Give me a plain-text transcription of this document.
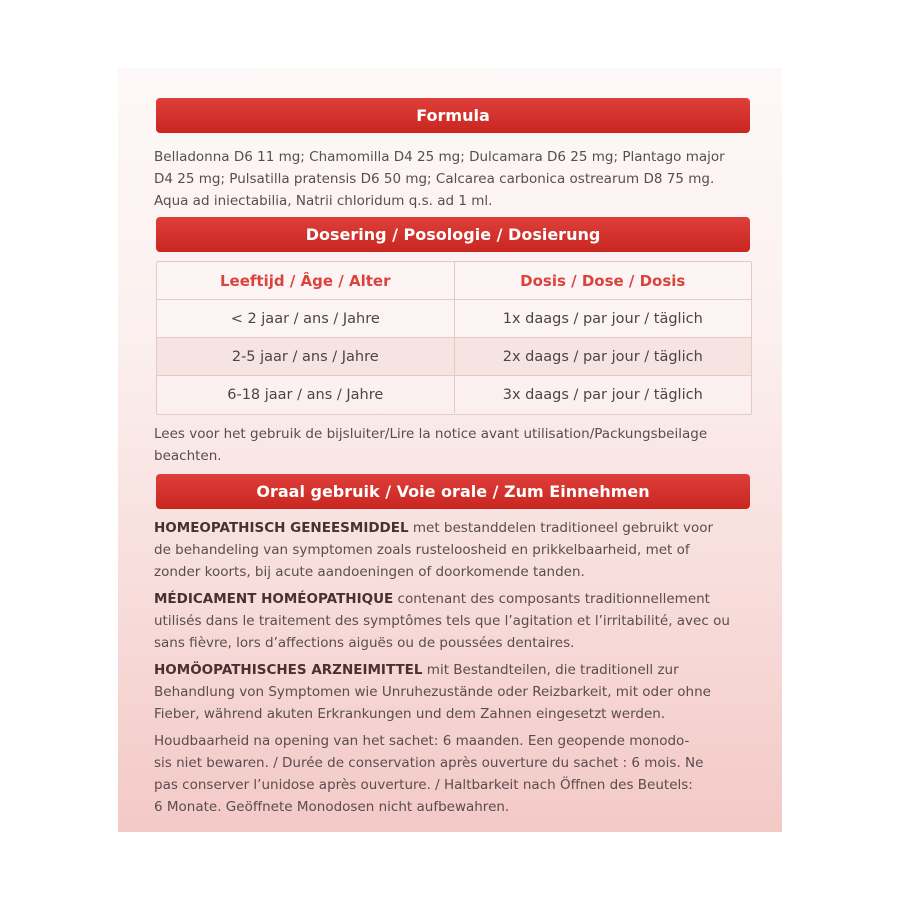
Formula
Belladonna D6 11 mg; Chamomilla D4 25 mg; Dulcamara D6 25 mg; Plantago major
D4 25 mg; Pulsatilla pratensis D6 50 mg; Calcarea carbonica ostrearum D8 75 mg.
Aqua ad iniectabilia, Natrii chloridum q.s. ad 1 ml.
Dosering / Posologie / Dosierung
Leeftijd / Âge / Alter	Dosis / Dose / Dosis
< 2 jaar / ans / Jahre	1x daags / par jour / täglich
2-5 jaar / ans / Jahre	2x daags / par jour / täglich
6-18 jaar / ans / Jahre	3x daags / par jour / täglich
Lees voor het gebruik de bijsluiter/Lire la notice avant utilisation/Packungsbeilage
beachten.
Oraal gebruik / Voie orale / Zum Einnehmen
HOMEOPATHISCH GENEESMIDDEL met bestanddelen traditioneel gebruikt voor
de behandeling van symptomen zoals rusteloosheid en prikkelbaarheid, met of
zonder koorts, bij acute aandoeningen of doorkomende tanden.
MÉDICAMENT HOMÉOPATHIQUE contenant des composants traditionnellement
utilisés dans le traitement des symptômes tels que l’agitation et l’irritabilité, avec ou
sans fièvre, lors d’affections aiguës ou de poussées dentaires.
HOMÖOPATHISCHES ARZNEIMITTEL mit Bestandteilen, die traditionell zur
Behandlung von Symptomen wie Unruhezustände oder Reizbarkeit, mit oder ohne
Fieber, während akuten Erkrankungen und dem Zahnen eingesetzt werden.
Houdbaarheid na opening van het sachet: 6 maanden. Een geopende monodo-
sis niet bewaren. / Durée de conservation après ouverture du sachet : 6 mois. Ne
pas conserver l’unidose après ouverture. / Haltbarkeit nach Öffnen des Beutels:
6 Monate. Geöffnete Monodosen nicht aufbewahren.
